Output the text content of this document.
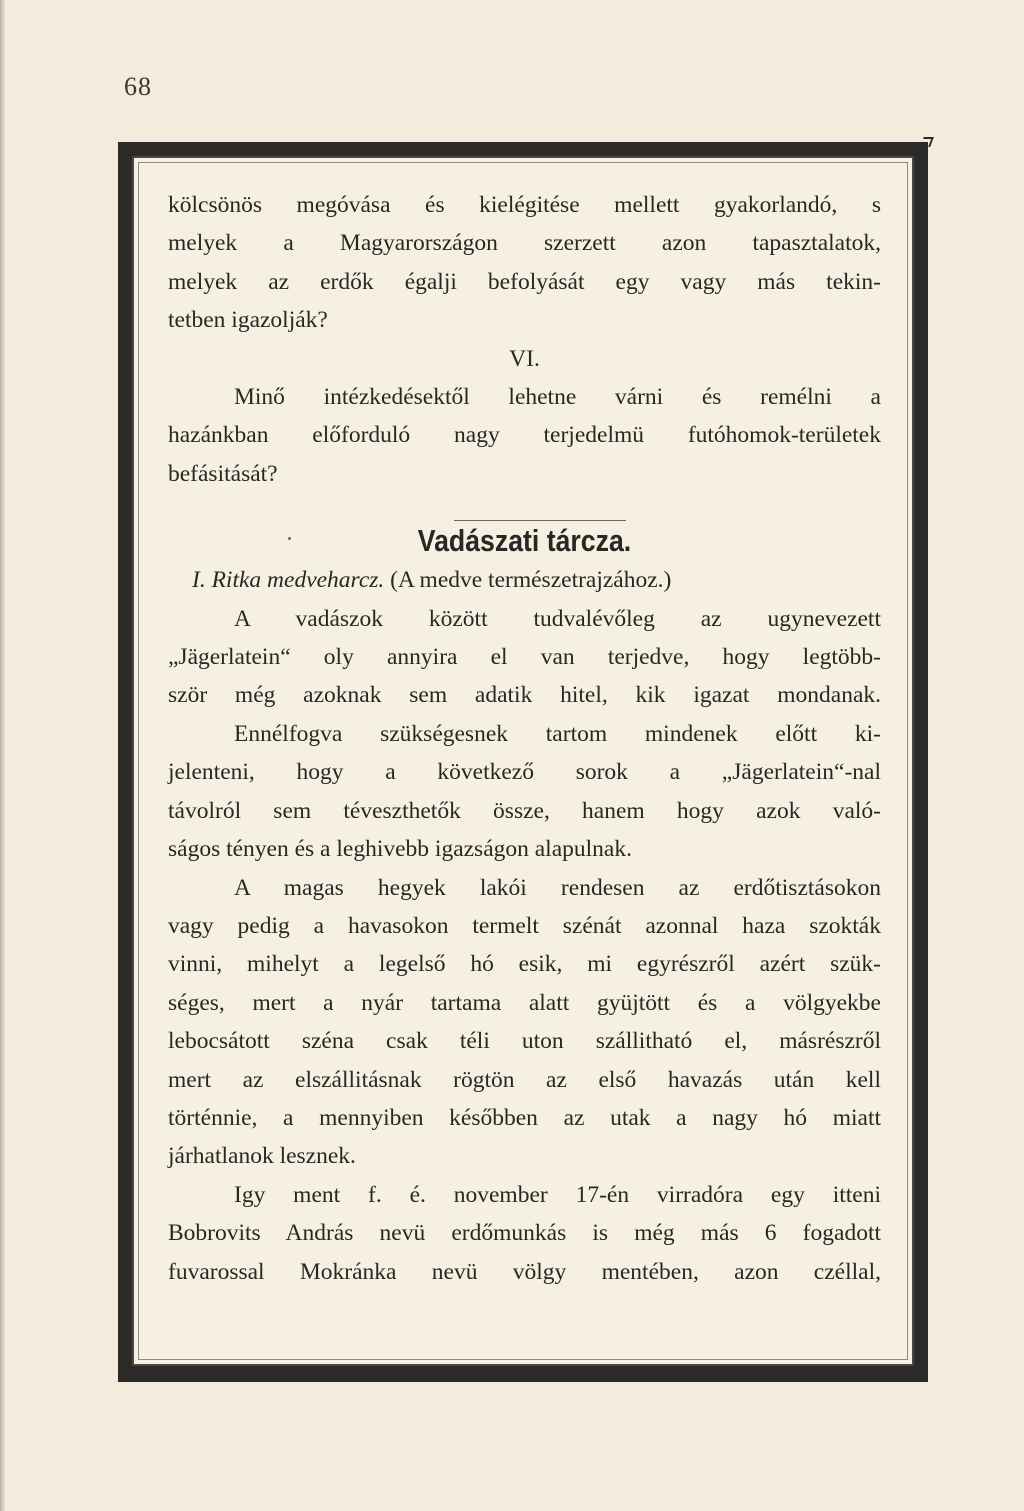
68

kölcsönös megóvása és kielégitése mellett gyakorlandó, s

melyek a Magyarországon szerzett azon tapasztalatok,

melyek az erdők égalji befolyását egy vagy más tekin-

tetben igazolják?

VI.

Minő intézkedésektől lehetne várni és remélni a

hazánkban előforduló nagy terjedelmü futóhomok-területek

befásitását?

Vadászati tárcza.

I. Ritka medveharcz. (A medve természetrajzához.)

A vadászok között tudvalévőleg az ugynevezett

„Jägerlatein“ oly annyira el van terjedve, hogy legtöbb-

ször még azoknak sem adatik hitel, kik igazat mondanak.

Ennélfogva szükségesnek tartom mindenek előtt ki-

jelenteni, hogy a következő sorok a „Jägerlatein“-nal

távolról sem téveszthetők össze, hanem hogy azok való-

ságos tényen és a leghivebb igazságon alapulnak.

A magas hegyek lakói rendesen az erdőtisztásokon

vagy pedig a havasokon termelt szénát azonnal haza szokták

vinni, mihelyt a legelső hó esik, mi egyrészről azért szük-

séges, mert a nyár tartama alatt gyüjtött és a völgyekbe

lebocsátott széna csak téli uton szállitható el, másrészről

mert az elszállitásnak rögtön az első havazás után kell

történnie, a mennyiben későbben az utak a nagy hó miatt

járhatlanok lesznek.

Igy ment f. é. november 17-én virradóra egy itteni

Bobrovits András nevü erdőmunkás is még más 6 fogadott

fuvarossal Mokránka nevü völgy mentében, azon czéllal,
